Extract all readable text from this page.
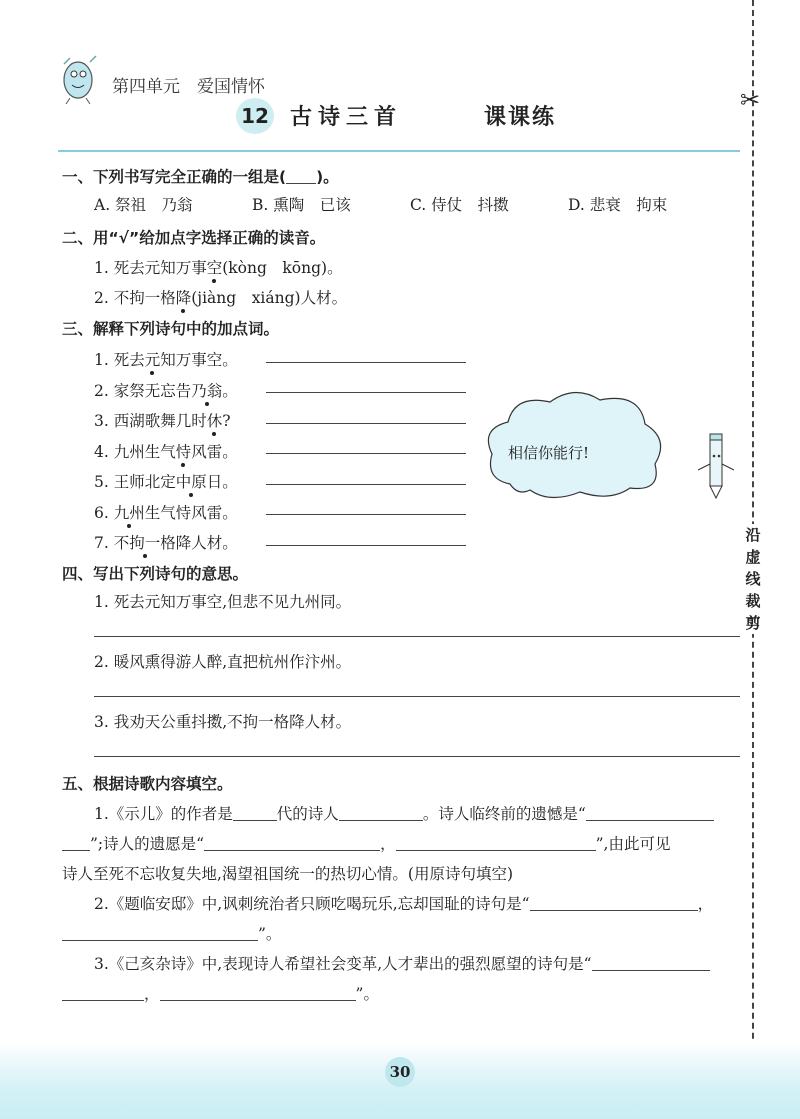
第四单元　爱国情怀
12 古诗三首	课课练
✂
沿虚线裁剪
一、下列书写完全正确的一组是( )。
A. 祭祖　乃翁	B. 熏陶　已该	C. 侍仗　抖擞	D. 悲衰　拘束
二、用“√”给加点字选择正确的读音。
1. 死去元知万事空(kòng　kōng)。
2. 不拘一格降(jiàng　xiáng)人材。
三、解释下列诗句中的加点词。
1. 死去元知万事空。
2. 家祭无忘告乃翁。
3. 西湖歌舞几时休?
4. 九州生气恃风雷。
5. 王师北定中原日。
6. 九州生气恃风雷。
7. 不拘一格降人材。
相信你能行!
四、写出下列诗句的意思。
1. 死去元知万事空,但悲不见九州同。
2. 暖风熏得游人醉,直把杭州作汴州。
3. 我劝天公重抖擞,不拘一格降人材。
五、根据诗歌内容填空。
1.《示儿》的作者是	代的诗人	。诗人临终前的遗憾是“
”;诗人的遗愿是“	，	”,由此可见
诗人至死不忘收复失地,渴望祖国统一的热切心情。(用原诗句填空)
2.《题临安邸》中,讽刺统治者只顾吃喝玩乐,忘却国耻的诗句是“	，
”。
3.《己亥杂诗》中,表现诗人希望社会变革,人才辈出的强烈愿望的诗句是“
，	”。
30
